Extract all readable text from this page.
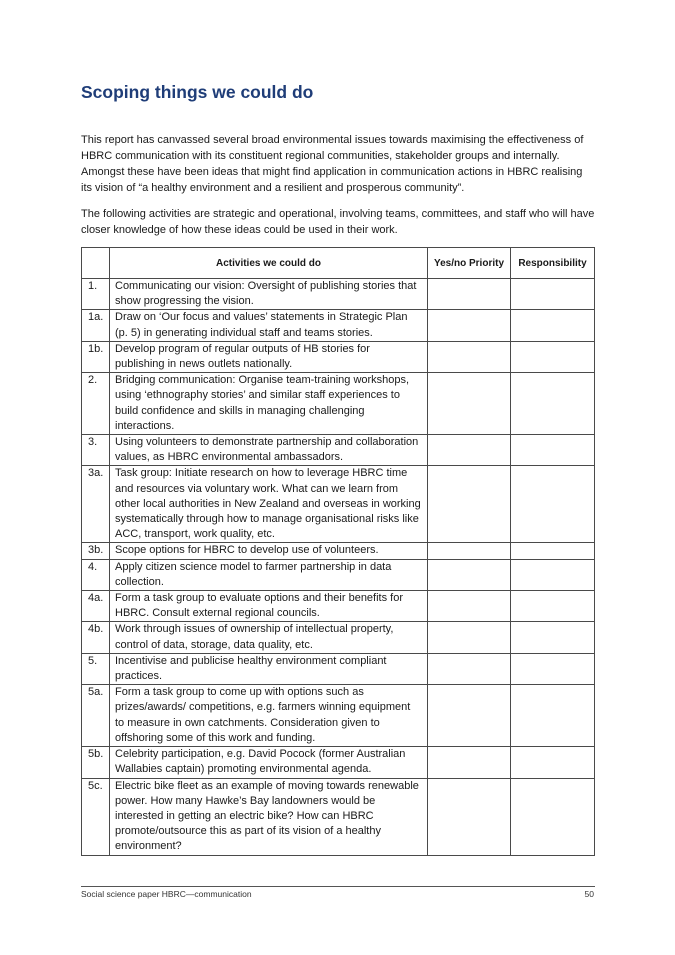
Scoping things we could do

This report has canvassed several broad environmental issues towards maximising the effectiveness of HBRC communication with its constituent regional communities, stakeholder groups and internally. Amongst these have been ideas that might find application in communication actions in HBRC realising its vision of “a healthy environment and a resilient and prosperous community”.

The following activities are strategic and operational, involving teams, committees, and staff who will have closer knowledge of how these ideas could be used in their work.

	Activities we could do	Yes/no Priority	Responsibility
1.	Communicating our vision: Oversight of publishing stories that show progressing the vision.		
1a.	Draw on ‘Our focus and values’ statements in Strategic Plan (p. 5) in generating individual staff and teams stories.		
1b.	Develop program of regular outputs of HB stories for publishing in news outlets nationally.		
2.	Bridging communication: Organise team-training workshops, using ‘ethnography stories’ and similar staff experiences to build confidence and skills in managing challenging interactions.		
3.	Using volunteers to demonstrate partnership and collaboration values, as HBRC environmental ambassadors.		
3a.	Task group: Initiate research on how to leverage HBRC time and resources via voluntary work. What can we learn from other local authorities in New Zealand and overseas in working systematically through how to manage organisational risks like ACC, transport, work quality, etc.		
3b.	Scope options for HBRC to develop use of volunteers.		
4.	Apply citizen science model to farmer partnership in data collection.		
4a.	Form a task group to evaluate options and their benefits for HBRC. Consult external regional councils.		
4b.	Work through issues of ownership of intellectual property, control of data, storage, data quality, etc.		
5.	Incentivise and publicise healthy environment compliant practices.		
5a.	Form a task group to come up with options such as prizes/awards/ competitions, e.g. farmers winning equipment to measure in own catchments. Consideration given to offshoring some of this work and funding.		
5b.	Celebrity participation, e.g. David Pocock (former Australian Wallabies captain) promoting environmental agenda.		
5c.	Electric bike fleet as an example of moving towards renewable power. How many Hawke’s Bay landowners would be interested in getting an electric bike? How can HBRC promote/outsource this as part of its vision of a healthy environment?		
Social science paper HBRC—communication	50
